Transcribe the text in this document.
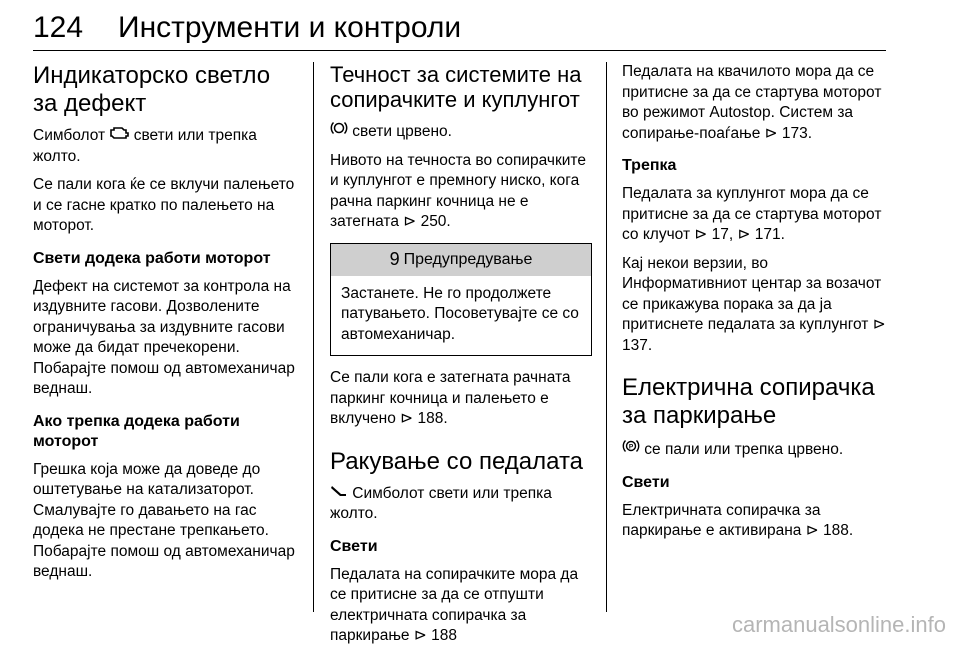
124 Инструменти и контроли
Индикаторско светло за дефект

Симболот  свети или трепка жолто.

Се пали кога ќе се вклучи палењето и се гасне кратко по палењето на моторот.

Свети додека работи моторот

Дефект на системот за контрола на издувните гасови. Дозволените ограничувања за издувните гасови може да бидат пречекорени. Побарајте помош од автомеханичар веднаш.

Ако трепка додека работи моторот

Грешка која може да доведе до оштетување на катализаторот. Смалувајте го давањето на гас додека не престане трепкањето. Побарајте помош од автомеханичар веднаш.

Течност за системите на сопирачките и куплунгот

свети црвено.

Нивото на течноста во сопирачките и куплунгот е премногу ниско, кога рачна паркинг кочница не е затегната ⊳ 250.

9 Предупредување

Застанете. Не го продолжете патувањето. Посоветувајте се со автомеханичар.

Се пали кога е затегната рачната паркинг кочница и палењето е вклучено ⊳ 188.

Ракување со педалата

Симболот свети или трепка жолто.

Свети

Педалата на сопирачките мора да се притисне за да се отпушти електричната сопирачка за паркирање ⊳ 188

Педалата на квачилото мора да се притисне за да се стартува моторот во режимот Autostop. Систем за сопирање-поаѓање ⊳ 173.

Трепка

Педалата за куплунгот мора да се притисне за да се стартува моторот со клучот ⊳ 17, ⊳ 171.

Кај некои верзии, во Информативниот центар за возачот се прикажува порака за да ја притиснете педалата за куплунгот ⊳ 137.

Електрична сопирачка за паркирање

P се пали или трепка црвено.

Свети

Електричната сопирачка за паркирање е активирана ⊳ 188.

carmanualsonline.info
